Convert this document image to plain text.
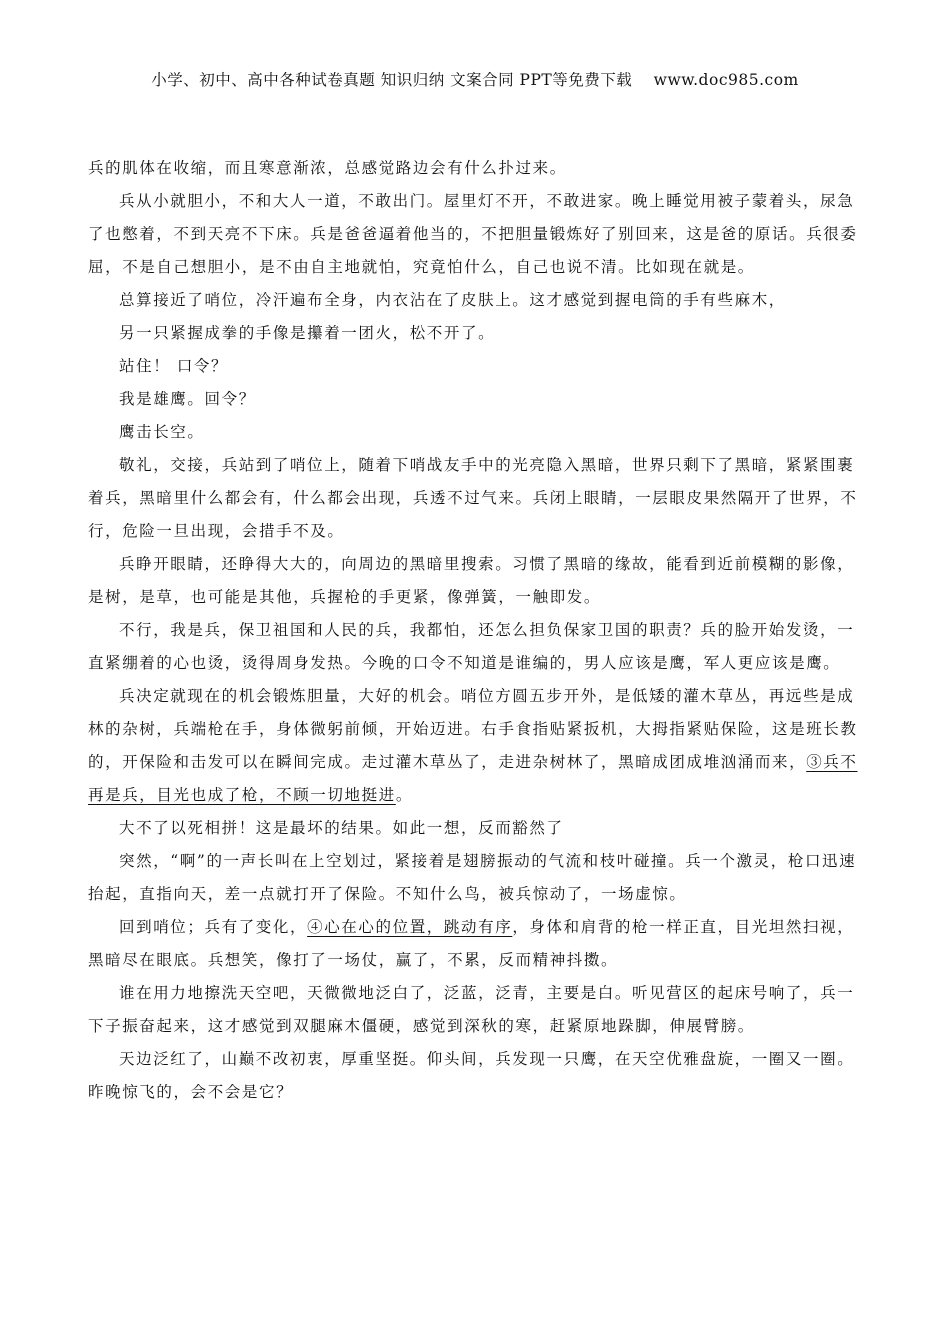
小学、初中、高中各种试卷真题 知识归纳 文案合同 PPT等免费下载　 www.doc985.com

兵的肌体在收缩，而且寒意渐浓，总感觉路边会有什么扑过来。

兵从小就胆小，不和大人一道，不敢出门。屋里灯不开，不敢进家。晚上睡觉用被子蒙着头，尿急了也憋着，不到天亮不下床。兵是爸爸逼着他当的，不把胆量锻炼好了别回来，这是爸的原话。兵很委屈，不是自己想胆小，是不由自主地就怕，究竟怕什么，自己也说不清。比如现在就是。

总算接近了哨位，冷汗遍布全身，内衣沾在了皮肤上。这才感觉到握电筒的手有些麻木，

另一只紧握成拳的手像是攥着一团火，松不开了。

站住！ 口令？

我是雄鹰。回令？

鹰击长空。

敬礼，交接，兵站到了哨位上，随着下哨战友手中的光亮隐入黑暗，世界只剩下了黑暗，紧紧围裹着兵，黑暗里什么都会有，什么都会出现，兵透不过气来。兵闭上眼睛，一层眼皮果然隔开了世界，不行，危险一旦出现，会措手不及。

兵睁开眼睛，还睁得大大的，向周边的黑暗里搜索。习惯了黑暗的缘故，能看到近前模糊的影像，是树，是草，也可能是其他，兵握枪的手更紧，像弹簧，一触即发。

不行，我是兵，保卫祖国和人民的兵，我都怕，还怎么担负保家卫国的职责？兵的脸开始发烫，一直紧绷着的心也烫，烫得周身发热。今晚的口令不知道是谁编的，男人应该是鹰，军人更应该是鹰。

兵决定就现在的机会锻炼胆量，大好的机会。哨位方圆五步开外，是低矮的灌木草丛，再远些是成林的杂树，兵端枪在手，身体微躬前倾，开始迈进。右手食指贴紧扳机，大拇指紧贴保险，这是班长教的，开保险和击发可以在瞬间完成。走过灌木草丛了，走进杂树林了，黑暗成团成堆汹涌而来，③兵不再是兵，目光也成了枪，不顾一切地挺进。

大不了以死相拼！这是最坏的结果。如此一想，反而豁然了

突然，“啊”的一声长叫在上空划过，紧接着是翅膀振动的气流和枝叶碰撞。兵一个激灵，枪口迅速抬起，直指向天，差一点就打开了保险。不知什么鸟，被兵惊动了，一场虚惊。

回到哨位；兵有了变化，④心在心的位置，跳动有序，身体和肩背的枪一样正直，目光坦然扫视，黑暗尽在眼底。兵想笑，像打了一场仗，赢了，不累，反而精神抖擞。

谁在用力地擦洗天空吧，天微微地泛白了，泛蓝，泛青，主要是白。听见营区的起床号响了，兵一下子振奋起来，这才感觉到双腿麻木僵硬，感觉到深秋的寒，赶紧原地跺脚，伸展臂膀。

天边泛红了，山巅不改初衷，厚重坚挺。仰头间，兵发现一只鹰，在天空优雅盘旋，一圈又一圈。昨晚惊飞的，会不会是它？
